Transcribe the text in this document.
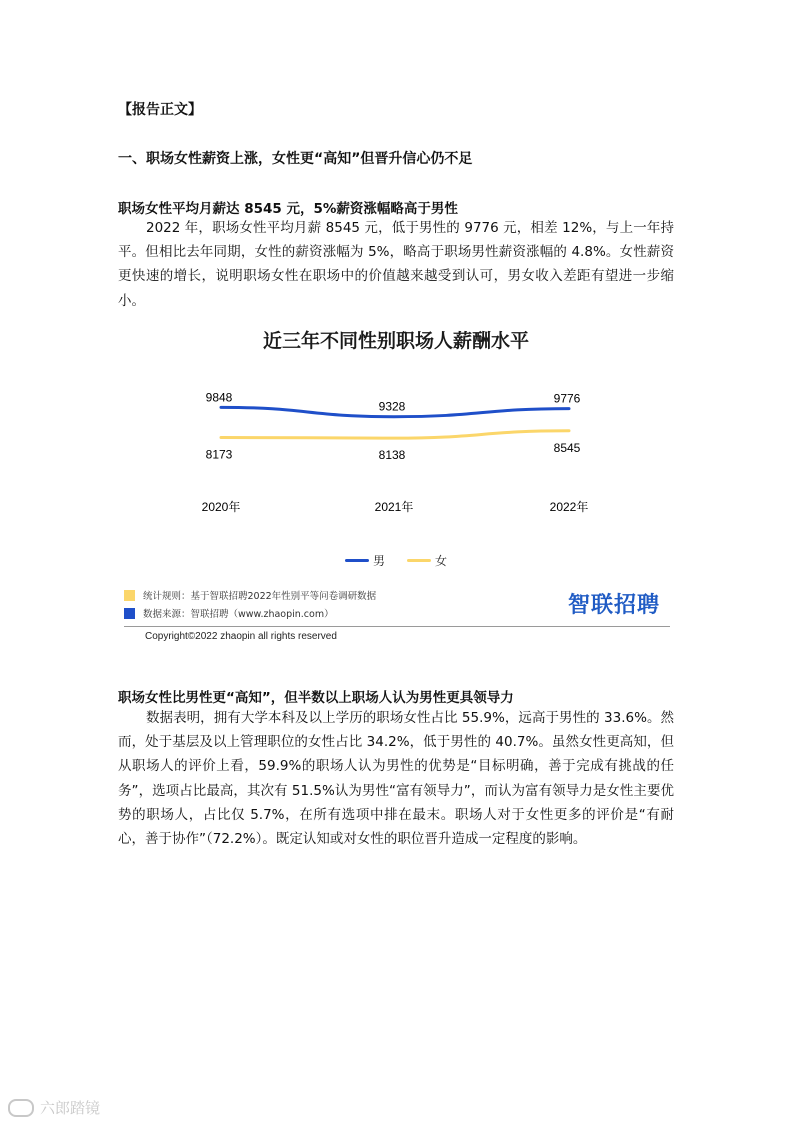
【报告正文】
一、职场女性薪资上涨，女性更“高知”但晋升信心仍不足
职场女性平均月薪达 8545 元，5%薪资涨幅略高于男性

2022 年，职场女性平均月薪 8545 元，低于男性的 9776 元，相差 12%，与上一年持平。但相比去年同期，女性的薪资涨幅为 5%，略高于职场男性薪资涨幅的 4.8%。女性薪资更快速的增长，说明职场女性在职场中的价值越来越受到认可，男女收入差距有望进一步缩小。

近三年不同性别职场人薪酬水平
9848
9328
9776
8173	8138
8545
2020年	2021年	2022年
男	女
统计规则：基于智联招聘2022年性别平等问卷调研数据
数据来源：智联招聘（www.zhaopin.com）	智联招聘
Copyright©2022 zhaopin all rights reserved
职场女性比男性更“高知”，但半数以上职场人认为男性更具领导力

数据表明，拥有大学本科及以上学历的职场女性占比 55.9%，远高于男性的 33.6%。然而，处于基层及以上管理职位的女性占比 34.2%，低于男性的 40.7%。虽然女性更高知，但从职场人的评价上看，59.9%的职场人认为男性的优势是“目标明确，善于完成有挑战的任务”，选项占比最高，其次有 51.5%认为男性“富有领导力”，而认为富有领导力是女性主要优势的职场人，占比仅 5.7%，在所有选项中排在最末。职场人对于女性更多的评价是“有耐心，善于协作”（72.2%）。既定认知或对女性的职位晋升造成一定程度的影响。

六郎踏镜
